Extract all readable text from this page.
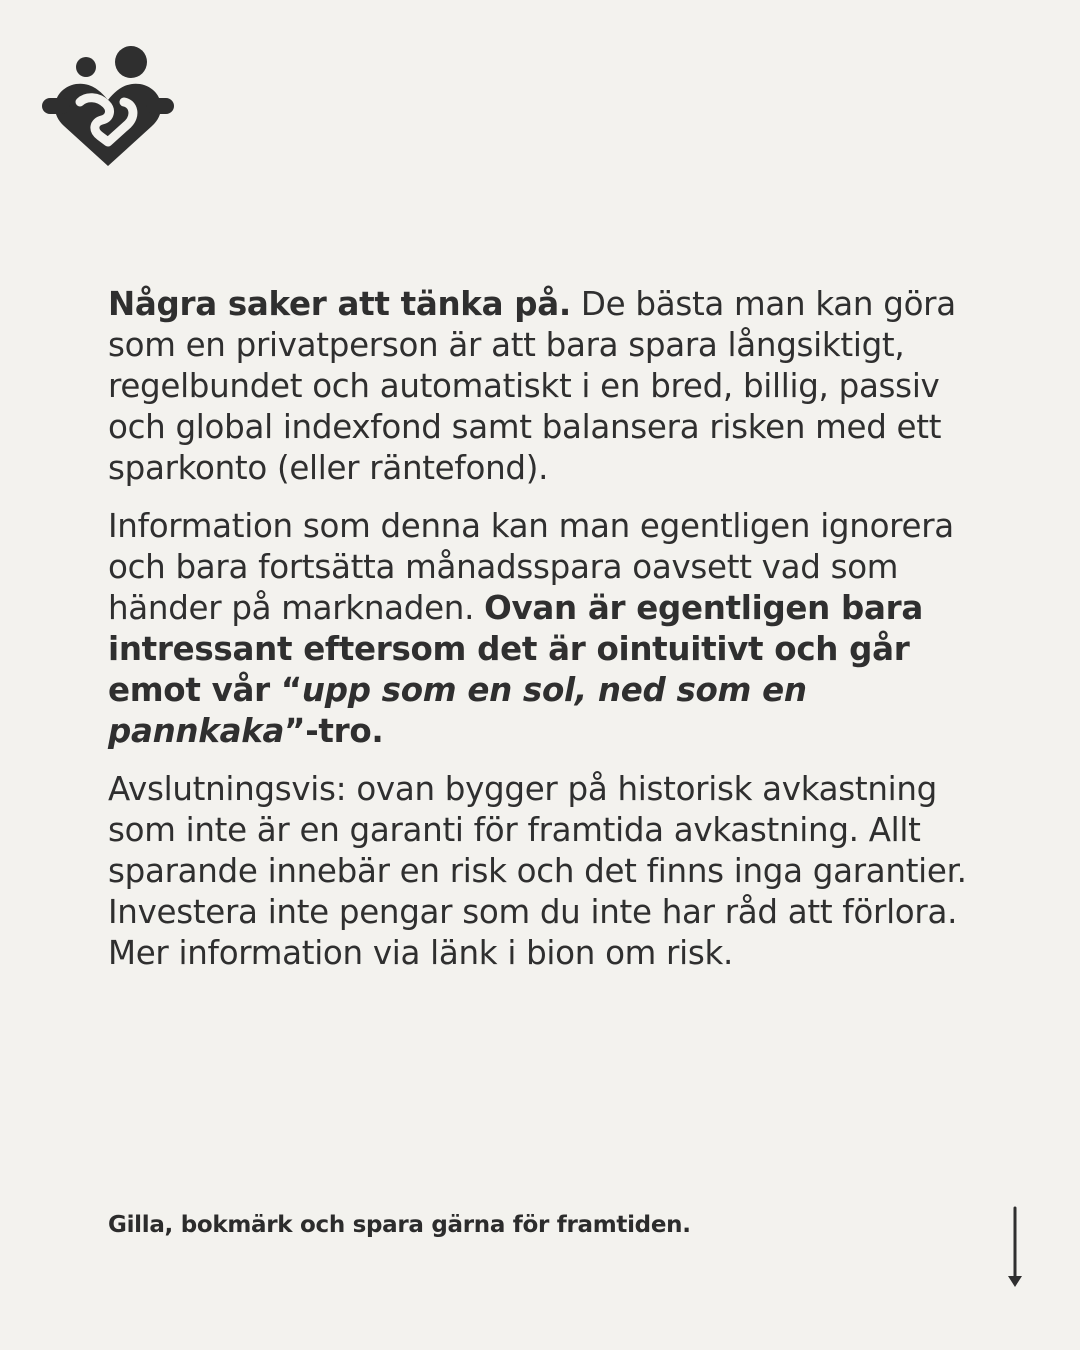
Några saker att tänka på. De bästa man kan göra som en privatperson är att bara spara långsiktigt, regelbundet och automatiskt i en bred, billig, passiv och global indexfond samt balansera risken med ett sparkonto (eller räntefond).

Information som denna kan man egentligen ignorera och bara fortsätta månadsspara oavsett vad som händer på marknaden. Ovan är egentligen bara intressant eftersom det är ointuitivt och går emot vår “upp som en sol, ned som en pannkaka”-tro.

Avslutningsvis: ovan bygger på historisk avkastning som inte är en garanti för framtida avkastning. Allt sparande innebär en risk och det finns inga garantier. Investera inte pengar som du inte har råd att förlora. Mer information via länk i bion om risk.

Gilla, bokmärk och spara gärna för framtiden.
